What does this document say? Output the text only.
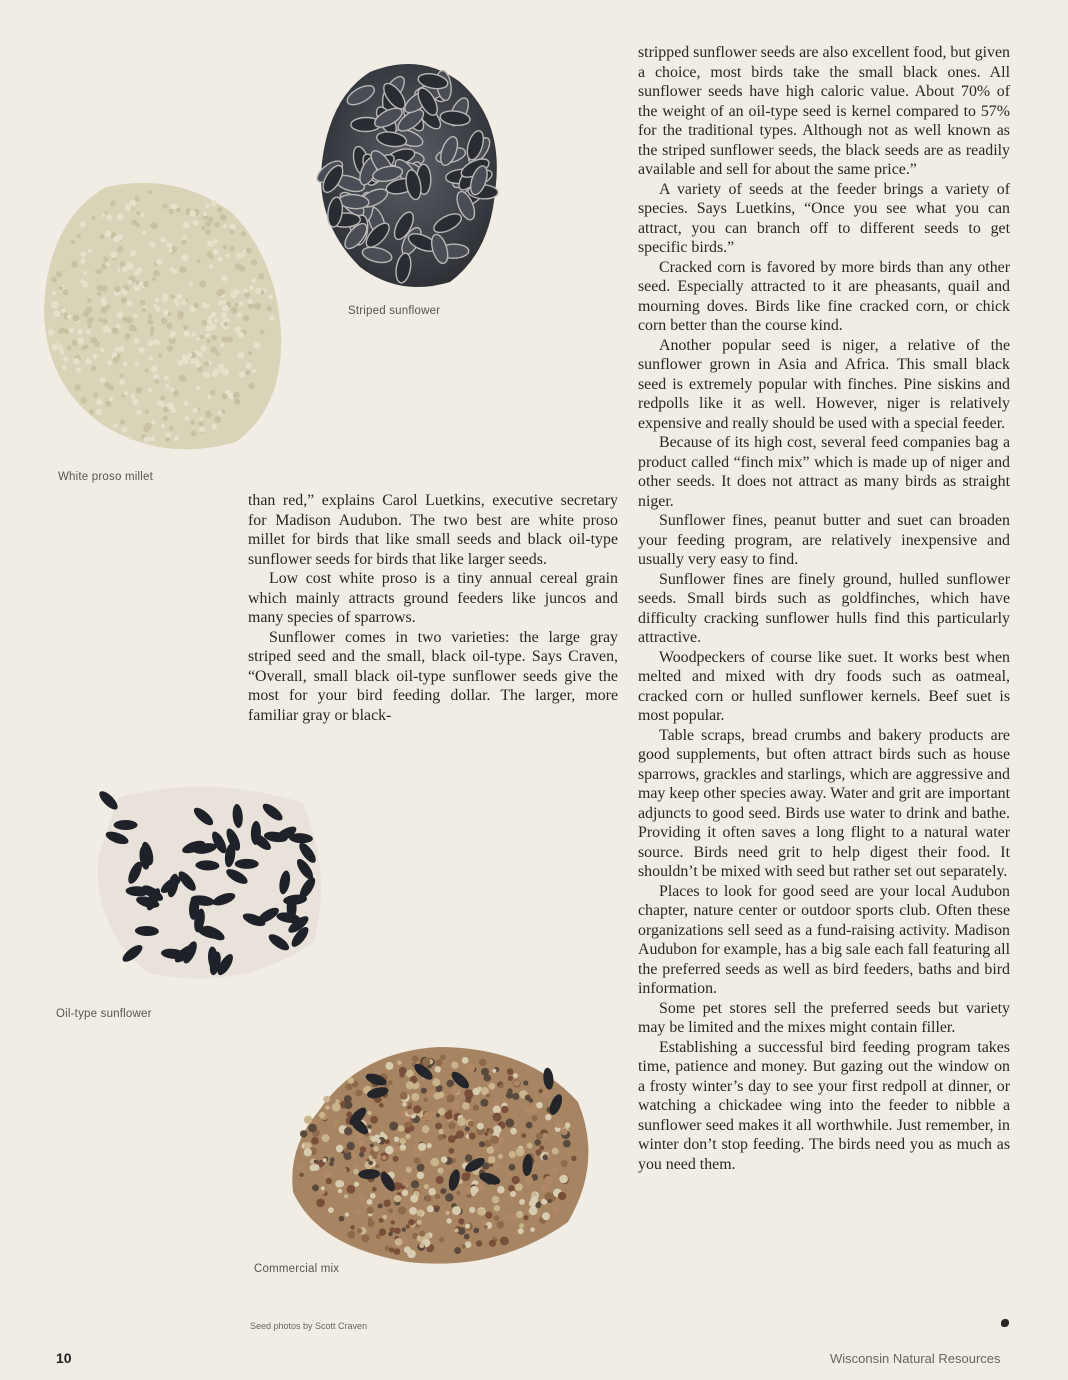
Striped sunflower
White proso millet
Oil-type sunflower
Commercial mix
Seed photos by Scott Craven

than red,” explains Carol Luetkins, executive secretary for Madison Audubon. The two best are white proso millet for birds that like small seeds and black oil-type sunflower seeds for birds that like larger seeds.

Low cost white proso is a tiny annual cereal grain which mainly attracts ground feeders like juncos and many species of sparrows.

Sunflower comes in two varieties: the large gray striped seed and the small, black oil-type. Says Craven, “Overall, small black oil-type sunflower seeds give the most for your bird feeding dollar. The larger, more familiar gray or black-

stripped sunflower seeds are also excellent food, but given a choice, most birds take the small black ones. All sunflower seeds have high caloric value. About 70% of the weight of an oil-type seed is kernel compared to 57% for the traditional types. Although not as well known as the striped sunflower seeds, the black seeds are as readily available and sell for about the same price.”

A variety of seeds at the feeder brings a variety of species. Says Luetkins, “Once you see what you can attract, you can branch off to different seeds to get specific birds.”

Cracked corn is favored by more birds than any other seed. Especially attracted to it are pheasants, quail and mourning doves. Birds like fine cracked corn, or chick corn better than the course kind.

Another popular seed is niger, a relative of the sunflower grown in Asia and Africa. This small black seed is extremely popular with finches. Pine siskins and redpolls like it as well. However, niger is relatively expensive and really should be used with a special feeder.

Because of its high cost, several feed companies bag a product called “finch mix” which is made up of niger and other seeds. It does not attract as many birds as straight niger.

Sunflower fines, peanut butter and suet can broaden your feeding program, are relatively inexpensive and usually very easy to find.

Sunflower fines are finely ground, hulled sunflower seeds. Small birds such as goldfinches, which have difficulty cracking sunflower hulls find this particularly attractive.

Woodpeckers of course like suet. It works best when melted and mixed with dry foods such as oatmeal, cracked corn or hulled sunflower kernels. Beef suet is most popular.

Table scraps, bread crumbs and bakery products are good supplements, but often attract birds such as house sparrows, grackles and starlings, which are aggressive and may keep other species away. Water and grit are important adjuncts to good seed. Birds use water to drink and bathe. Providing it often saves a long flight to a natural water source. Birds need grit to help digest their food. It shouldn’t be mixed with seed but rather set out separately.

Places to look for good seed are your local Audubon chapter, nature center or outdoor sports club. Often these organizations sell seed as a fund-raising activity. Madison Audubon for example, has a big sale each fall featuring all the preferred seeds as well as bird feeders, baths and bird information.

Some pet stores sell the preferred seeds but variety may be limited and the mixes might contain filler.

Establishing a successful bird feeding program takes time, patience and money. But gazing out the window on a frosty winter’s day to see your first redpoll at dinner, or watching a chickadee wing into the feeder to nibble a sunflower seed makes it all worthwhile. Just remember, in winter don’t stop feeding. The birds need you as much as you need them.

10	Wisconsin Natural Resources
